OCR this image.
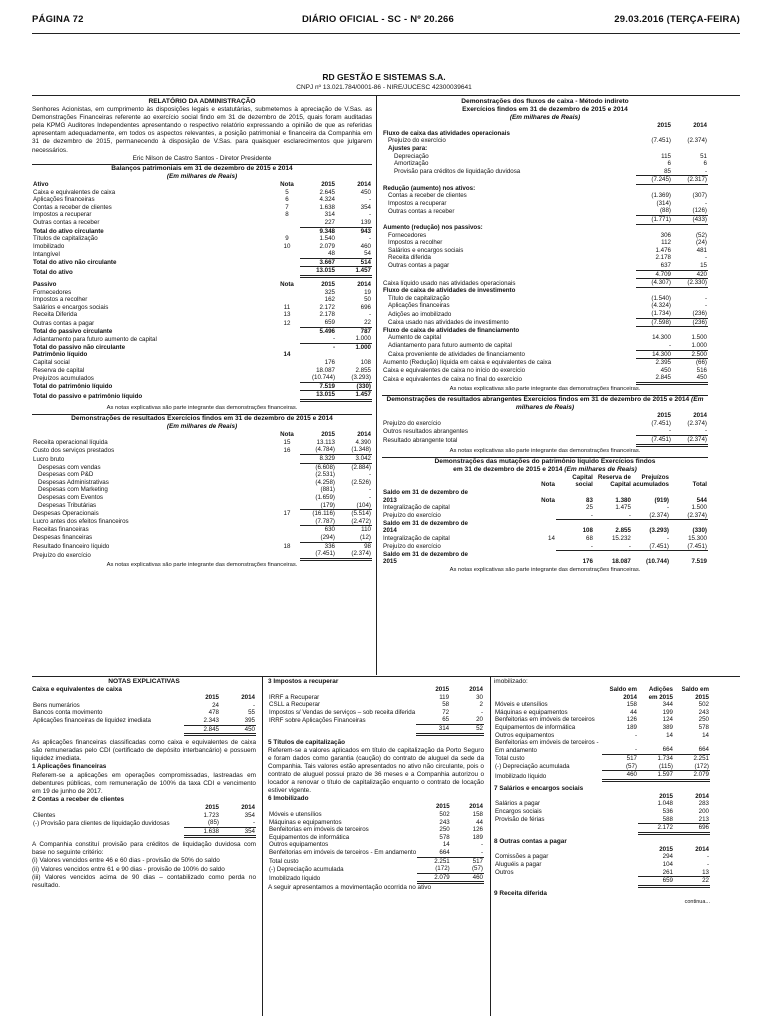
PÁGINA 72	DIÁRIO OFICIAL - SC - Nº 20.266	29.03.2016 (TERÇA-FEIRA)
RD GESTÃO E SISTEMAS S.A.
CNPJ nº 13.021.784/0001-86 - NIRE/JUCESC 42300039641
RELATÓRIO DA ADMINISTRAÇÃO
Senhores Acionistas, em cumprimento às disposições legais e estatutárias, submetemos à apreciação de V.Sas. as Demonstrações Financeiras referente ao exercício social findo em 31 de dezembro de 2015, quais foram auditadas pela KPMG Auditores Independentes apresentando o respectivo relatório expressando a opinião de que as referidas apresentam adequadamente, em todos os aspectos relevantes, a posição patrimonial e financeira da Companhia em 31 de dezembro de 2015, permanecendo à disposição de V.Sas. para quaisquer esclarecimentos que julgarem necessários.
Eric Nilson de Castro Santos - Diretor Presidente
Balanços patrimoniais em 31 de dezembro de 2015 e 2014
(Em milhares de Reais)
Ativo	Nota	2015	2014
Caixa e equivalentes de caixa	5	2.645	450
Aplicações financeiras	6	4.324	-
Contas a receber de clientes	7	1.638	354
Impostos a recuperar	8	314	-
Outras contas a receber		227	139
Total do ativo circulante		9.348	943
Títulos de capitalização	9	1.540	-
Imobilizado	10	2.079	460
Intangível		48	54
Total do ativo não circulante		3.667	514
Total do ativo		13.015	1.457
Passivo	Nota	2015	2014
Fornecedores		325	19
Impostos a recolher		162	50
Salários e encargos sociais	11	2.172	696
Receita Diferida	13	2.178	-
Outras contas a pagar	12	659	22
Total do passivo circulante		5.496	787
Adiantamento para futuro aumento de capital		-	1.000
Total do passivo não circulante		-	1.000
Patrimônio líquido	14		
Capital social		176	108
Reserva de capital		18.087	2.855
Prejuízos acumulados		(10.744)	(3.293)
Total do patrimônio líquido		7.519	(330)
Total do passivo e patrimônio líquido		13.015	1.457
As notas explicativas são parte integrante das demonstrações financeiras.
Demonstrações de resultados Exercícios findos em 31 de dezembro de 2015 e 2014
(Em milhares de Reais)
	Nota	2015	2014
Receita operacional líquida	15	13.113	4.390
Custo dos serviços prestados	16	(4.784)	(1.348)
Lucro bruto		8.329	3.042
Despesas com vendas		(6.608)	(2.884)
Despesas com P&D		(2.531)	-
Despesas Administrativas		(4.258)	(2.526)
Despesas com Marketing		(881)	-
Despesas com Eventos		(1.659)	-
Despesas Tributárias		(179)	(104)
Despesas Operacionais	17	(16.116)	(5.514)
Lucro antes dos efeitos financeiros		(7.787)	(2.472)
Receitas financeiras		630	110
Despesas financeiras		(294)	(12)
Resultado financeiro líquido	18	336	98
Prejuízo do exercício		(7.451)	(2.374)
As notas explicativas são parte integrante das demonstrações financeiras.
Demonstrações dos fluxos de caixa - Método indireto
Exercícios findos em 31 de dezembro de 2015 e 2014
(Em milhares de Reais)
	2015	2014
Fluxo de caixa das atividades operacionais		
Prejuízo do exercício	(7.451)	(2.374)
Ajustes para:		
Depreciação	115	51
Amortização	6	6
Provisão para créditos de liquidação duvidosa	85	-
	(7.245)	(2.317)
Redução (aumento) nos ativos:		
Contas a receber de clientes	(1.369)	(307)
Impostos a recuperar	(314)	-
Outras contas a receber	(88)	(126)
	(1.771)	(433)
Aumento (redução) nos passivos:		
Fornecedores	306	(52)
Impostos a recolher	112	(24)
Salários e encargos sociais	1.476	481
Receita diferida	2.178	-
Outras contas a pagar	637	15
	4.709	420
Caixa líquido usado nas atividades operacionais	(4.307)	(2.330)
Fluxo de caixa de atividades de investimento		
Título de capitalização	(1.540)	-
Aplicações financeiras	(4.324)	-
Adições ao imobilizado	(1.734)	(236)
Caixa usado nas atividades de investimento	(7.598)	(236)
Fluxo de caixa de atividades de financiamento		
Aumento de capital	14.300	1.500
Adiantamento para futuro aumento de capital	-	1.000
Caixa proveniente de atividades de financiamento	14.300	2.500
Aumento (Redução) líquida em caixa e equivalentes de caixa	2.395	(66)
Caixa e equivalentes de caixa no início do exercício	450	516
Caixa e equivalentes de caixa no final do exercício	2.845	450
As notas explicativas são parte integrante das demonstrações financeiras.
Demonstrações de resultados abrangentes Exercícios findos em 31 de dezembro de 2015 e 2014 (Em milhares de Reais)
	2015	2014
Prejuízo do exercício	(7.451)	(2.374)
Outros resultados abrangentes	-	-
Resultado abrangente total	(7.451)	(2.374)
As notas explicativas são parte integrante das demonstrações financeiras.
Demonstrações das mutações do patrimônio líquido Exercícios findos
em 31 de dezembro de 2015 e 2014 (Em milhares de Reais)
	Nota	Capital social	Reserva de Capital	Prejuízos acumulados	Total
Saldo em 31 de dezembro de					
2013	Nota	83	1.380	(919)	544
Integralização de capital		25	1.475	-	1.500
Prejuízo do exercício		-	-	(2.374)	(2.374)
Saldo em 31 de dezembro de					
2014		108	2.855	(3.293)	(330)
Integralização de capital	14	68	15.232	-	15.300
Prejuízo do exercício		-	-	(7.451)	(7.451)
Saldo em 31 de dezembro de					
2015		176	18.087	(10.744)	7.519
As notas explicativas são parte integrante das demonstrações financeiras.
NOTAS EXPLICATIVAS
Caixa e equivalentes de caixa
	2015	2014
Bens numerários	24	-
Bancos conta movimento	478	55
Aplicações financeiras de liquidez imediata	2.343	395
	2.845	450
As aplicações financeiras classificadas como caixa e equivalentes de caixa são remuneradas pelo CDI (certificado de depósito interbancário) e possuem liquidez imediata.
1 Aplicações financeiras
Referem-se a aplicações em operações compromissadas, lastreadas em debentures públicas, com remuneração de 100% da taxa CDI e vencimento em 19 de junho de 2017.
2 Contas a receber de clientes
	2015	2014
Clientes	1.723	354
(-) Provisão para clientes de liquidação duvidosas	(85)	-
	1.638	354
A Companhia constituí provisão para créditos de liquidação duvidosa com base no seguinte critério:
(i) Valores vencidos entre 46 e 60 dias - provisão de 50% do saldo
(ii) Valores vencidos entre 61 e 90 dias - provisão de 100% do saldo
(iii) Valores vencidos acima de 90 dias – contabilizado como perda no resultado.
3 Impostos a recuperar
	2015	2014
IRRF a Recuperar	119	30
CSLL a Recuperar	58	2
Impostos s/ Vendas de serviços – sob receita diferida	72	-
IRRF sobre Aplicações Financeiras	65	20
	314	52
5 Títulos de capitalização
Referem-se a valores aplicados em título de capitalização da Porto Seguro e foram dados como garantia (caução) do contrato de aluguel da sede da Companhia. Tais valores estão apresentados no ativo não circulante, pois o contrato de aluguel possui prazo de 36 meses e a Companhia autorizou o locador a renovar o título de capitalização enquanto o contrato de locação estiver vigente.
6 Imobilizado
	2015	2014
Móveis e utensílios	502	158
Máquinas e equipamentos	243	44
Benfeitorias em imóveis de terceiros	250	126
Equipamentos de informática	578	189
Outros equipamentos	14	-
Benfeitorias em imóveis de terceiros - Em andamento	664	-
Total custo	2.251	517
(-) Depreciação acumulada	(172)	(57)
Imobilizado líquido	2.079	460
A seguir apresentamos a movimentação ocorrida no ativo
imobilizado:
	Saldo em 2014	Adições em 2015	Saldo em 2015
Móveis e utensílios	158	344	502
Máquinas e equipamentos	44	199	243
Benfeitorias em imóveis de terceiros	126	124	250
Equipamentos de informática	189	389	578
Outros equipamentos	-	14	14
Benfeitorias em imóveis de terceiros - Em andamento	-	664	664
Total custo	517	1.734	2.251
(-) Depreciação acumulada	(57)	(115)	(172)
Imobilizado líquido	460	1.597	2.079
7 Salários e encargos sociais
	2015	2014
Salários a pagar	1.048	283
Encargos sociais	536	200
Provisão de férias	588	213
	2.172	696
8 Outras contas a pagar
	2015	2014
Comissões a pagar	294	-
Aluguéis a pagar	104	-
Outros	261	13
	659	22
9 Receita diferida
continua...
